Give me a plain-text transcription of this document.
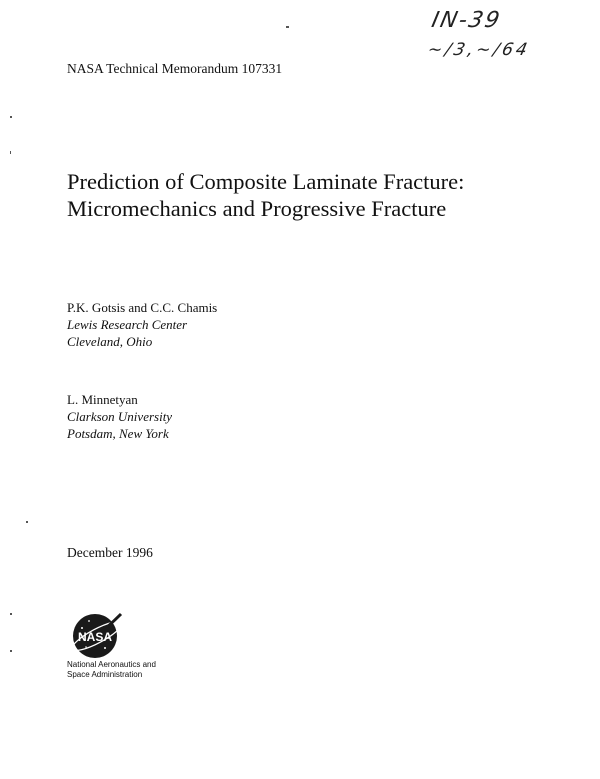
IN-39
~/3,~/64
NASA Technical Memorandum 107331
Prediction of Composite Laminate Fracture:
Micromechanics and Progressive Fracture
P.K. Gotsis and C.C. Chamis
Lewis Research Center
Cleveland, Ohio
L. Minnetyan
Clarkson University
Potsdam, New York
December 1996
NASA
National Aeronautics and
Space Administration
